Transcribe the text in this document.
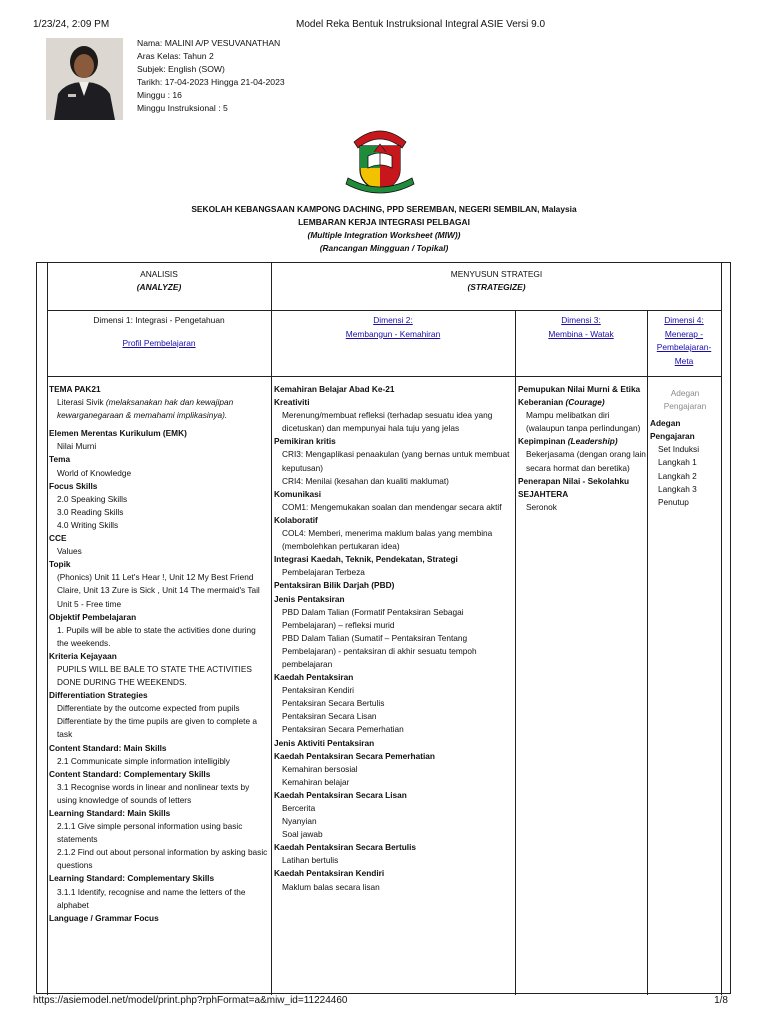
1/23/24, 2:09 PM	Model Reka Bentuk Instruksional Integral ASIE Versi 9.0
Nama: MALINI A/P VESUVANATHAN
Aras Kelas: Tahun 2
Subjek: English (SOW)
Tarikh: 17-04-2023 Hingga 21-04-2023
Minggu : 16
Minggu Instruksional : 5
SEKOLAH KEBANGSAAN KAMPONG DACHING, PPD SEREMBAN, NEGERI SEMBILAN, Malaysia
LEMBARAN KERJA INTEGRASI PELBAGAI
(Multiple Integration Worksheet (MIW))
(Rancangan Mingguan / Topikal)
ANALISIS
(ANALYZE)
MENYUSUN STRATEGI
(STRATEGIZE)
Dimensi 1: Integrasi - Pengetahuan
Profil Pembelajaran
Dimensi 2:
Membangun - Kemahiran
Dimensi 3:
Membina - Watak
Dimensi 4:
Menerap -
Pembelajaran-
Meta
TEMA PAK21
Literasi Sivik (melaksanakan hak dan kewajipan kewarganegaraan & memahami implikasinya).
Elemen Merentas Kurikulum (EMK)
Nilai Murni
Tema
World of Knowledge
Focus Skills
2.0 Speaking Skills
3.0 Reading Skills
4.0 Writing Skills
CCE
Values
Topik
(Phonics) Unit 11 Let's Hear !, Unit 12 My Best Friend Claire, Unit 13 Zure is Sick , Unit 14 The mermaid's Tail Unit 5 - Free time
Objektif Pembelajaran
1. Pupils will be able to state the activities done during the weekends.
Kriteria Kejayaan
PUPILS WILL BE BALE TO STATE THE ACTIVITIES DONE DURING THE WEEKENDS.
Differentiation Strategies
Differentiate by the outcome expected from pupils
Differentiate by the time pupils are given to complete a task
Content Standard: Main Skills
2.1 Communicate simple information intelligibly
Content Standard: Complementary Skills
3.1 Recognise words in linear and nonlinear texts by using knowledge of sounds of letters
Learning Standard: Main Skills
2.1.1 Give simple personal information using basic statements
2.1.2 Find out about personal information by asking basic questions
Learning Standard: Complementary Skills
3.1.1 Identify, recognise and name the letters of the alphabet
Language / Grammar Focus
Kemahiran Belajar Abad Ke-21
Kreativiti
Merenung/membuat refleksi (terhadap sesuatu idea yang dicetuskan) dan mempunyai hala tuju yang jelas
Pemikiran kritis
CRI3: Mengaplikasi penaakulan (yang bernas untuk membuat keputusan)
CRI4: Menilai (kesahan dan kualiti maklumat)
Komunikasi
COM1: Mengemukakan soalan dan mendengar secara aktif
Kolaboratif
COL4: Memberi, menerima maklum balas yang membina (membolehkan pertukaran idea)
Integrasi Kaedah, Teknik, Pendekatan, Strategi
Pembelajaran Terbeza
Pentaksiran Bilik Darjah (PBD)
Jenis Pentaksiran
PBD Dalam Talian (Formatif Pentaksiran Sebagai Pembelajaran) – refleksi murid
PBD Dalam Talian (Sumatif – Pentaksiran Tentang Pembelajaran) - pentaksiran di akhir sesuatu tempoh pembelajaran
Kaedah Pentaksiran
Pentaksiran Kendiri
Pentaksiran Secara Bertulis
Pentaksiran Secara Lisan
Pentaksiran Secara Pemerhatian
Jenis Aktiviti Pentaksiran
Kaedah Pentaksiran Secara Pemerhatian
Kemahiran bersosial
Kemahiran belajar
Kaedah Pentaksiran Secara Lisan
Bercerita
Nyanyian
Soal jawab
Kaedah Pentaksiran Secara Bertulis
Latihan bertulis
Kaedah Pentaksiran Kendiri
Maklum balas secara lisan
Pemupukan Nilai Murni & Etika
Keberanian (Courage)
Mampu melibatkan diri (walaupun tanpa perlindungan)
Kepimpinan (Leadership)
Bekerjasama (dengan orang lain secara hormat dan beretika)
Penerapan Nilai - Sekolahku SEJAHTERA
Seronok
Adegan Pengajaran
Adegan Pengajaran
Set Induksi
Langkah 1
Langkah 2
Langkah 3
Penutup
https://asiemodel.net/model/print.php?rphFormat=a&miw_id=11224460	1/8
